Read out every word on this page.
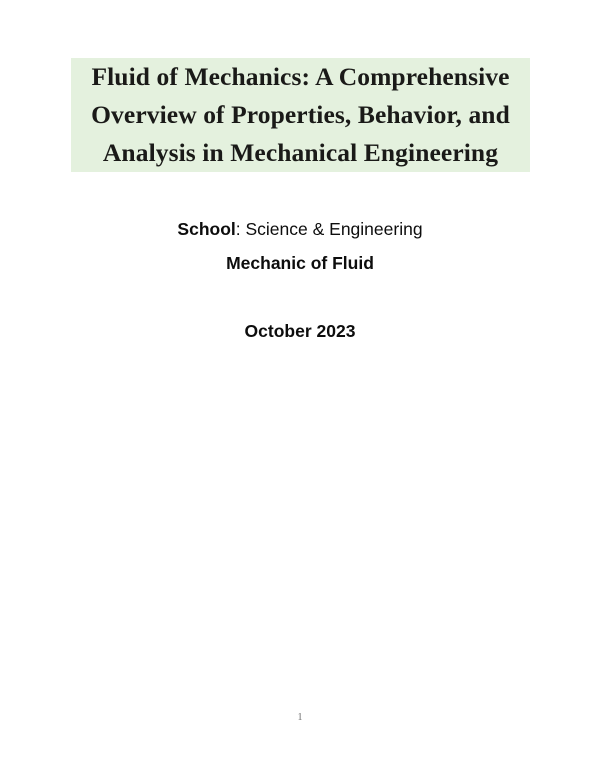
Fluid of Mechanics: A Comprehensive
Overview of Properties, Behavior, and
Analysis in Mechanical Engineering
School: Science & Engineering
Mechanic of Fluid
October 2023
1
